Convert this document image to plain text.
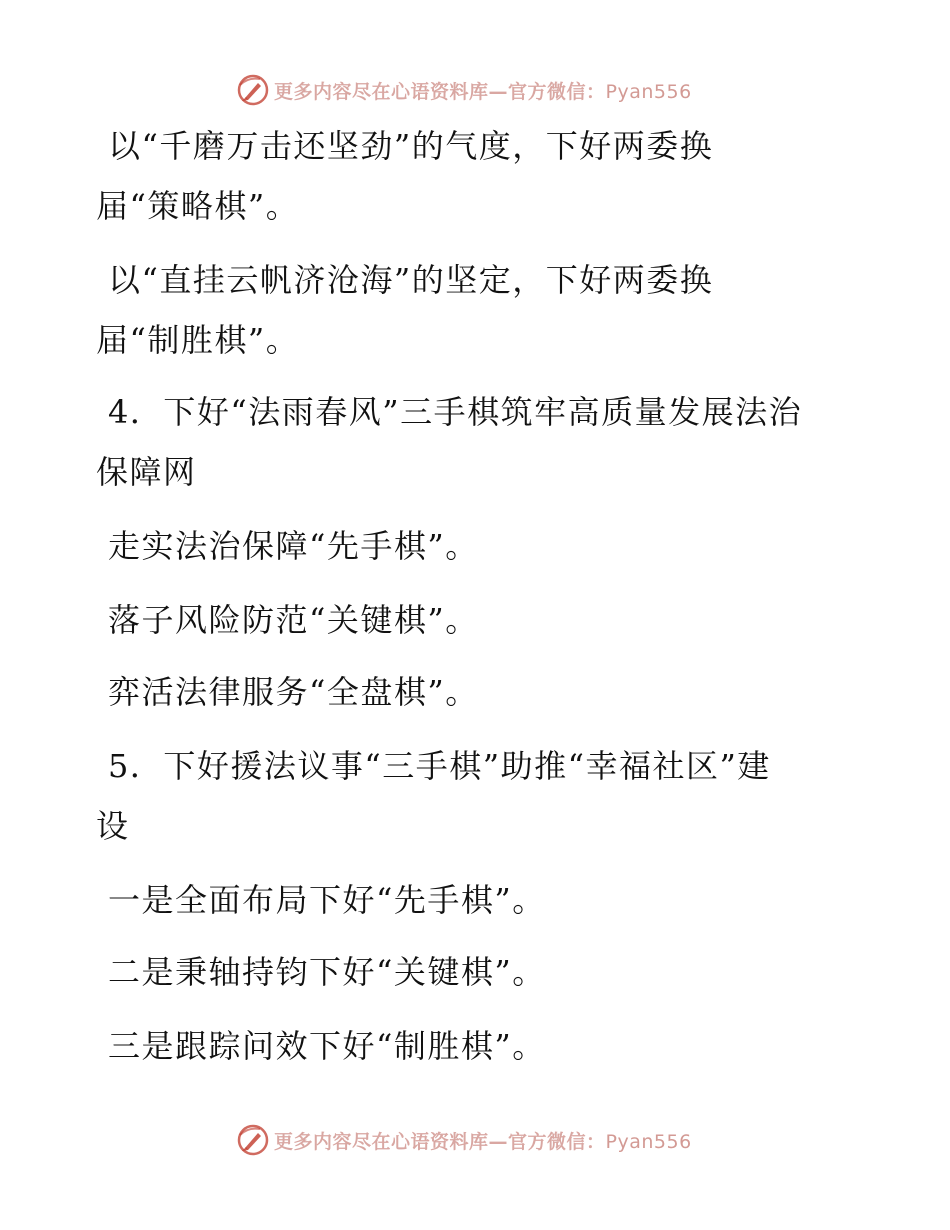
更多内容尽在心语资料库—官方微信：Pyan556
以“千磨万击还坚劲”的气度，下好两委换
届“策略棋”。
以“直挂云帆济沧海”的坚定，下好两委换
届“制胜棋”。
4．下好“法雨春风”三手棋筑牢高质量发展法治
保障网
走实法治保障“先手棋”。
落子风险防范“关键棋”。
弈活法律服务“全盘棋”。
5．下好援法议事“三手棋”助推“幸福社区”建
设
一是全面布局下好“先手棋”。
二是秉轴持钧下好“关键棋”。
三是跟踪问效下好“制胜棋”。
更多内容尽在心语资料库—官方微信：Pyan556
